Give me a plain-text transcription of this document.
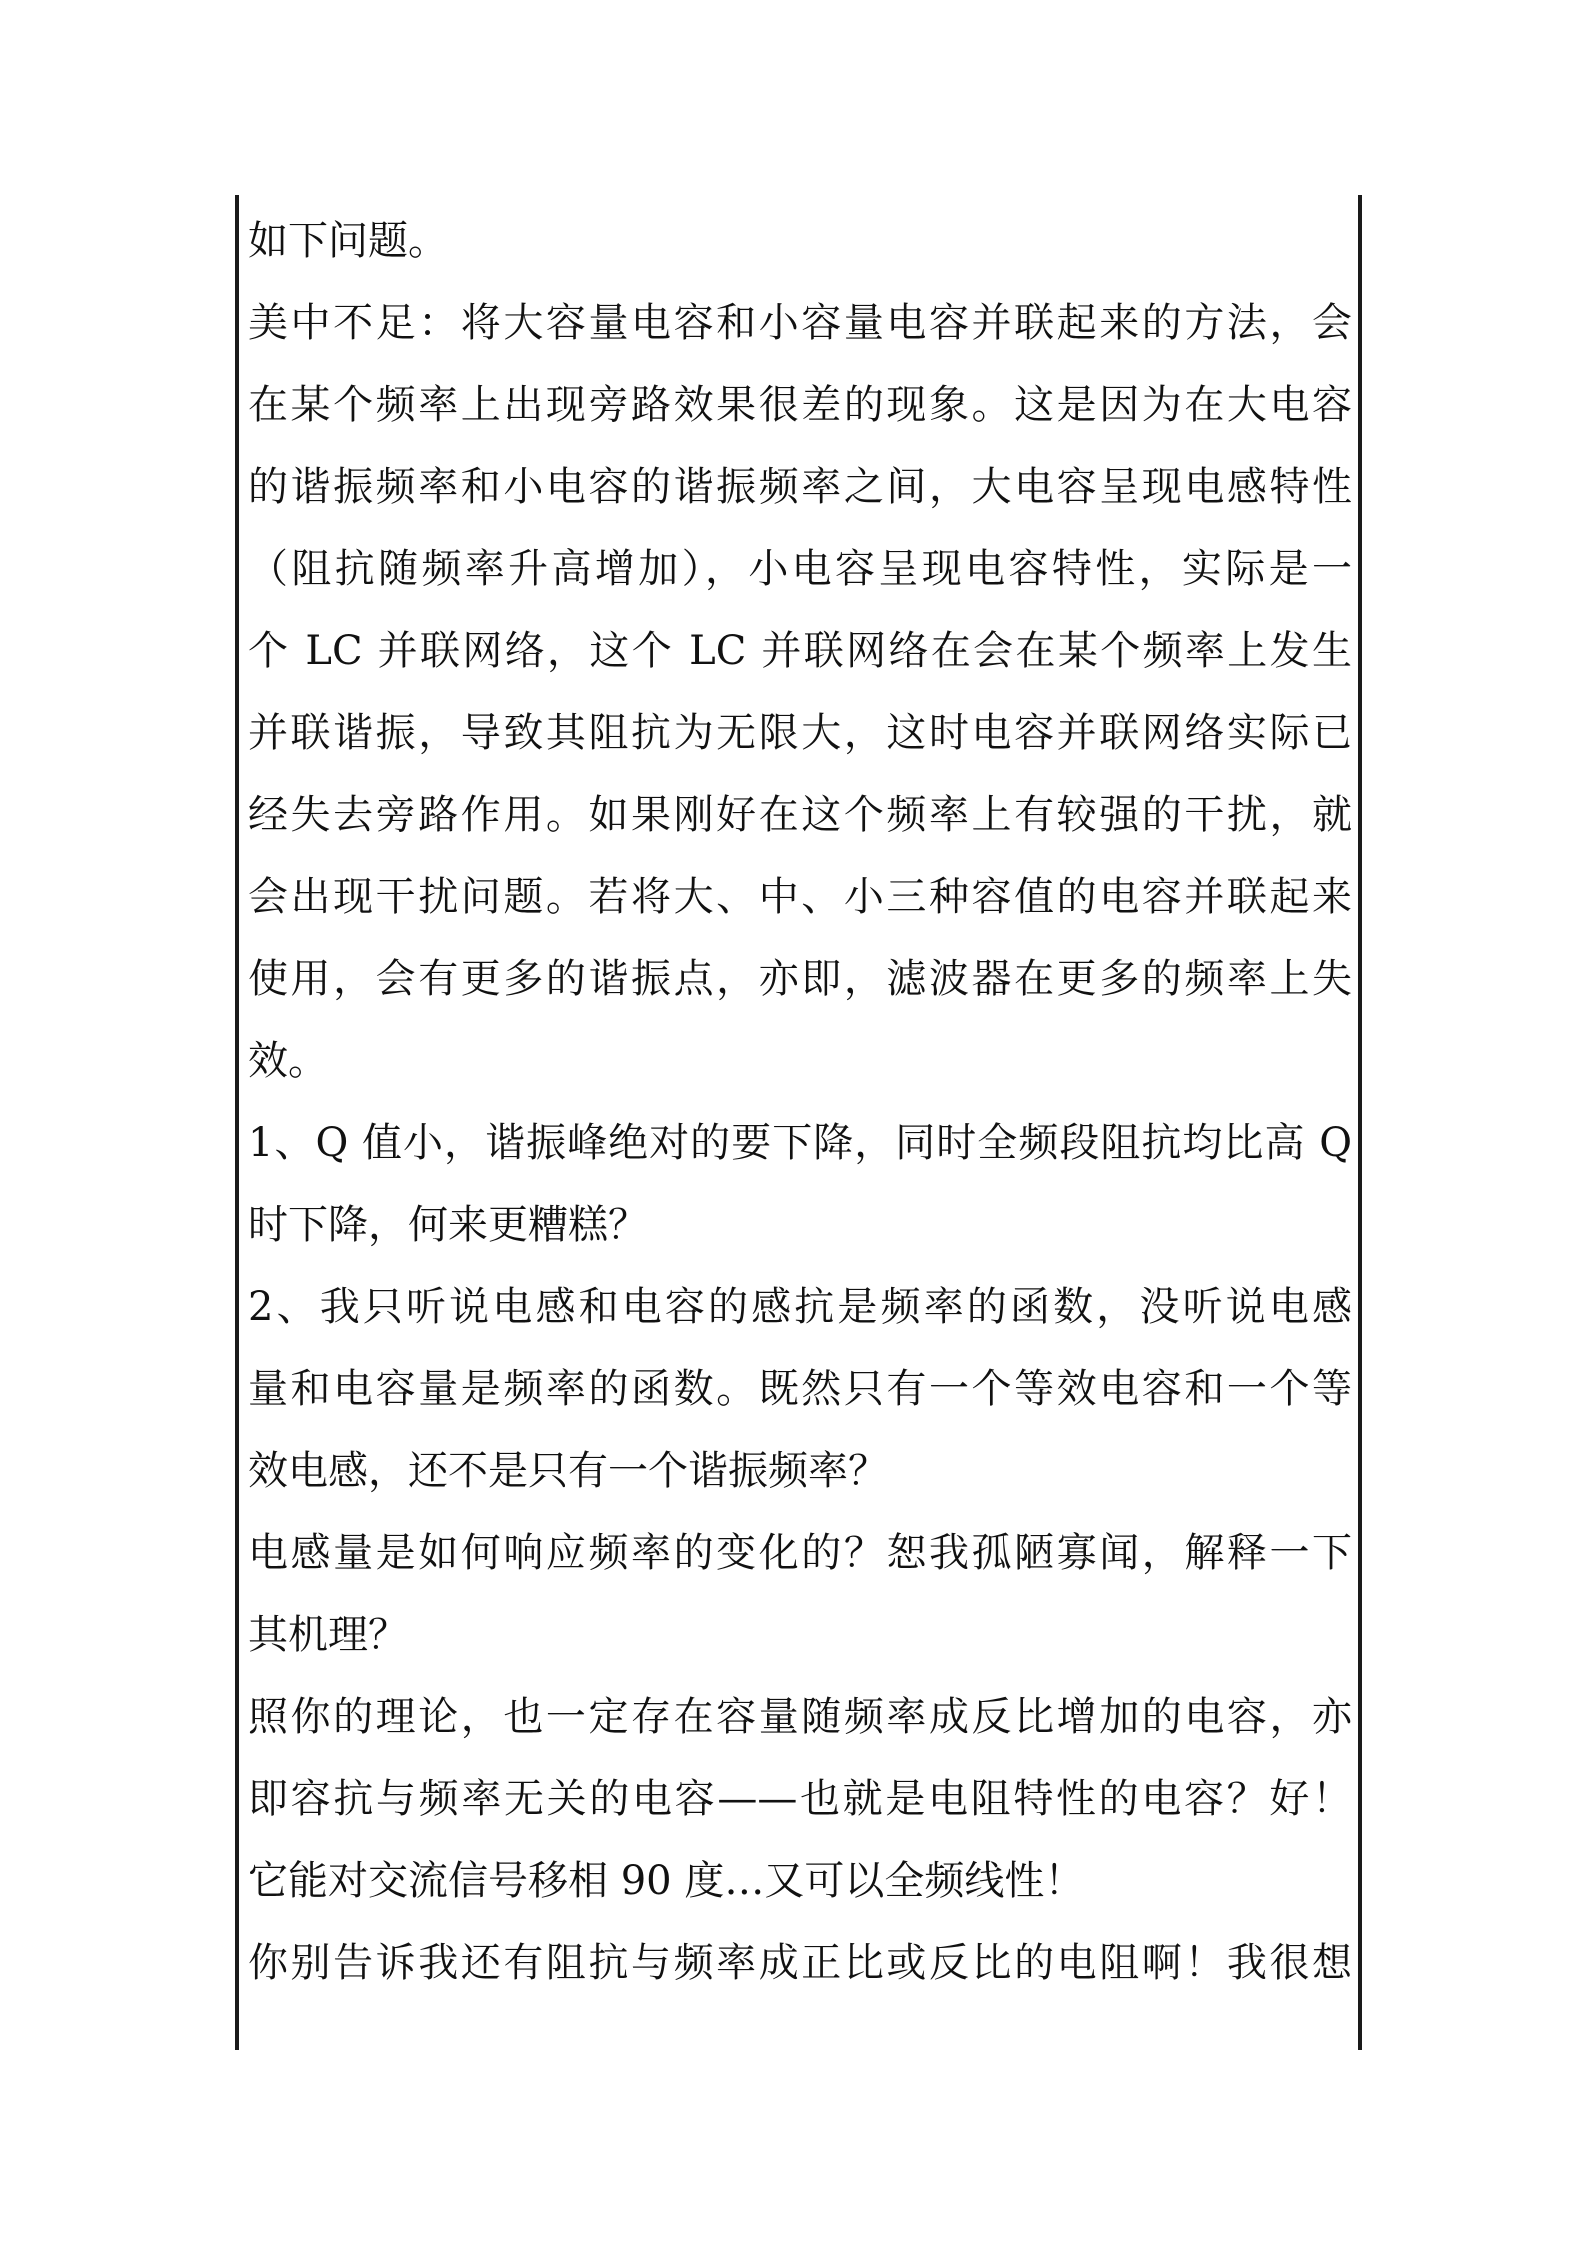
如下问题。
美中不足：将大容量电容和小容量电容并联起来的方法，会
在某个频率上出现旁路效果很差的现象。这是因为在大电容
的谐振频率和小电容的谐振频率之间，大电容呈现电感特性
（阻抗随频率升高增加），小电容呈现电容特性，实际是一
个 LC 并联网络，这个 LC 并联网络在会在某个频率上发生
并联谐振，导致其阻抗为无限大，这时电容并联网络实际已
经失去旁路作用。如果刚好在这个频率上有较强的干扰，就
会出现干扰问题。若将大、中、小三种容值的电容并联起来
使用，会有更多的谐振点，亦即，滤波器在更多的频率上失
效。
1、Q 值小，谐振峰绝对的要下降，同时全频段阻抗均比高 Q
时下降，何来更糟糕？
2、我只听说电感和电容的感抗是频率的函数，没听说电感
量和电容量是频率的函数。既然只有一个等效电容和一个等
效电感，还不是只有一个谐振频率？
电感量是如何响应频率的变化的？恕我孤陋寡闻，解释一下
其机理？
照你的理论，也一定存在容量随频率成反比增加的电容，亦
即容抗与频率无关的电容——也就是电阻特性的电容？好！
它能对交流信号移相 90 度…又可以全频线性！
你别告诉我还有阻抗与频率成正比或反比的电阻啊！我很想
